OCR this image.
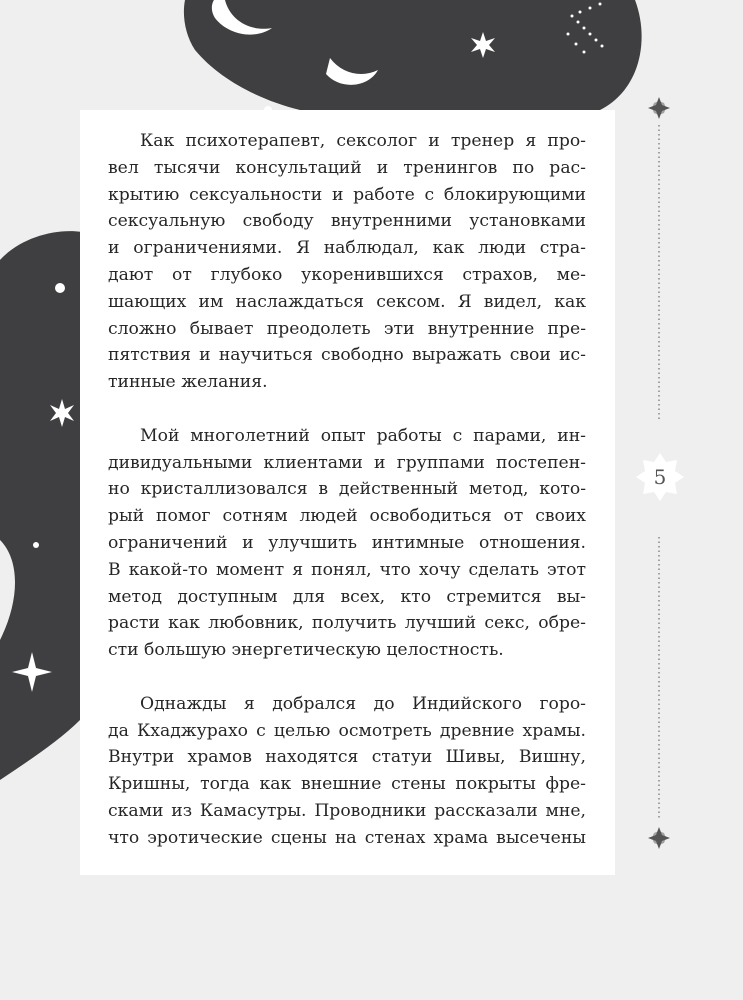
Как психотерапевт, сексолог и тренер я про-
вел тысячи консультаций и тренингов по рас-
крытию сексуальности и работе с блокирующими
сексуальную свободу внутренними установками
и ограничениями. Я наблюдал, как люди стра-
дают от глубоко укоренившихся страхов, ме-
шающих им наслаждаться сексом. Я видел, как
сложно бывает преодолеть эти внутренние пре-
пятствия и научиться свободно выражать свои ис-
тинные желания.
Мой многолетний опыт работы с парами, ин-
дивидуальными клиентами и группами постепен-
но кристаллизовался в действенный метод, кото-
рый помог сотням людей освободиться от своих
ограничений и улучшить интимные отношения.
В какой-то момент я понял, что хочу сделать этот
метод доступным для всех, кто стремится вы-
расти как любовник, получить лучший секс, обре-
сти большую энергетическую целостность.
Однажды я добрался до Индийского горо-
да Кхаджурахо с целью осмотреть древние храмы.
Внутри храмов находятся статуи Шивы, Вишну,
Кришны, тогда как внешние стены покрыты фре-
сками из Камасутры. Проводники рассказали мне,
что эротические сцены на стенах храма высечены
5
